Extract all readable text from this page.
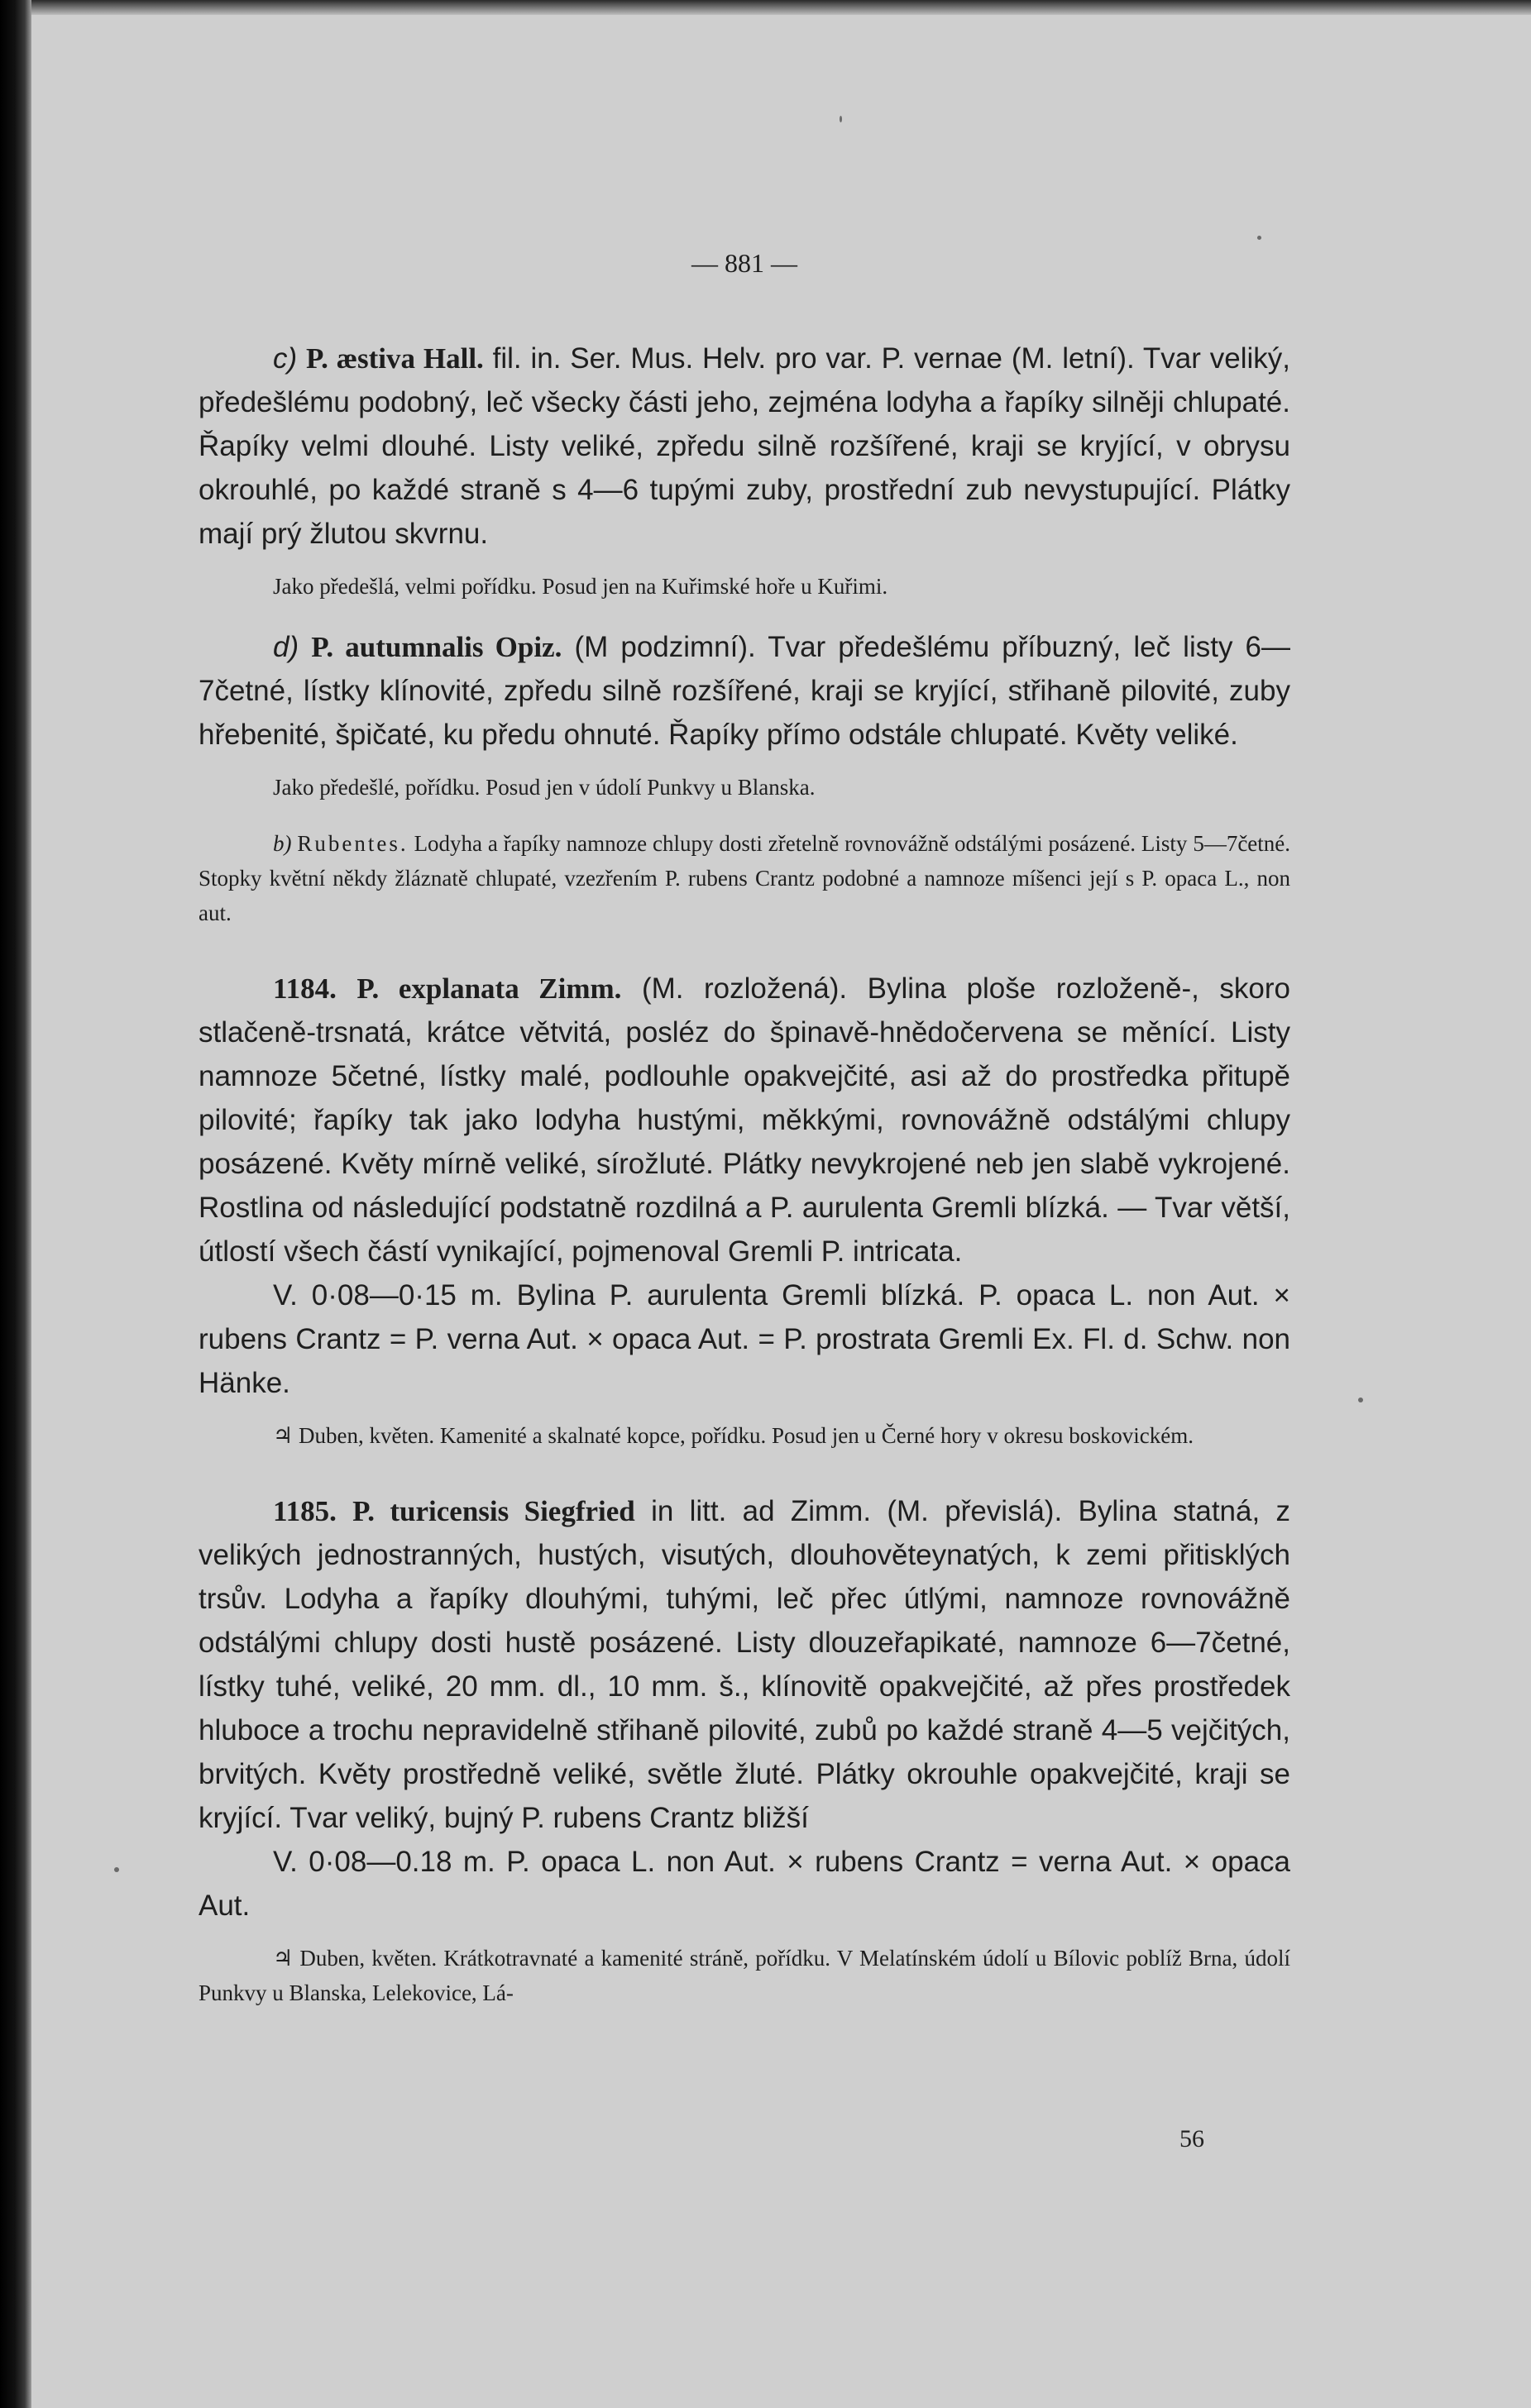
— 881 —

c) P. æstiva Hall. fil. in. Ser. Mus. Helv. pro var. P. vernae (M. letní). Tvar veliký, předešlému podobný, leč všecky části jeho, zejména lodyha a řapíky silněji chlupaté. Řapíky velmi dlouhé. Listy veliké, zpředu silně rozšířené, kraji se kryjící, v obrysu okrouhlé, po každé straně s 4—6 tupými zuby, prostřední zub nevystupující. Plátky mají prý žlutou skvrnu.

Jako předešlá, velmi pořídku. Posud jen na Kuřimské hoře u Kuřimi.

d) P. autumnalis Opiz. (M podzimní). Tvar předešlému příbuzný, leč listy 6—7četné, lístky klínovité, zpředu silně rozšířené, kraji se kryjící, střihaně pilovité, zuby hřebenité, špičaté, ku předu ohnuté. Řapíky přímo odstále chlupaté. Květy veliké.

Jako předešlé, pořídku. Posud jen v údolí Punkvy u Blanska.

b) Rubentes. Lodyha a řapíky namnoze chlupy dosti zřetelně rovnovážně odstálými posázené. Listy 5—7četné. Stopky květní někdy žláznatě chlupaté, vzezřením P. rubens Crantz podobné a namnoze míšenci její s P. opaca L., non aut.

1184. P. explanata Zimm. (M. rozložená). Bylina ploše rozloženě-, skoro stlačeně-trsnatá, krátce větvitá, posléz do špinavě-hnědočervena se měnící. Listy namnoze 5četné, lístky malé, podlouhle opakvejčité, asi až do prostředka přitupě pilovité; řapíky tak jako lodyha hustými, měkkými, rovnovážně odstálými chlupy posázené. Květy mírně veliké, sírožluté. Plátky nevykrojené neb jen slabě vykrojené. Rostlina od následující podstatně rozdilná a P. aurulenta Gremli blízká. — Tvar větší, útlostí všech částí vynikající, pojmenoval Gremli P. intricata.

V. 0·08—0·15 m. Bylina P. aurulenta Gremli blízká. P. opaca L. non Aut. × rubens Crantz = P. verna Aut. × opaca Aut. = P. prostrata Gremli Ex. Fl. d. Schw. non Hänke.

♃ Duben, květen. Kamenité a skalnaté kopce, pořídku. Posud jen u Černé hory v okresu boskovickém.

1185. P. turicensis Siegfried in litt. ad Zimm. (M. převislá). Bylina statná, z velikých jednostranných, hustých, visutých, dlouhověteynatých, k zemi přitisklých trsův. Lodyha a řapíky dlouhými, tuhými, leč přec útlými, namnoze rovnovážně odstálými chlupy dosti hustě posázené. Listy dlouzeřapikaté, namnoze 6—7četné, lístky tuhé, veliké, 20 mm. dl., 10 mm. š., klínovitě opakvejčité, až přes prostředek hluboce a trochu nepravidelně střihaně pilovité, zubů po každé straně 4—5 vejčitých, brvitých. Květy prostředně veliké, světle žluté. Plátky okrouhle opakvejčité, kraji se kryjící. Tvar veliký, bujný P. rubens Crantz bližší

V. 0·08—0.18 m. P. opaca L. non Aut. × rubens Crantz = verna Aut. × opaca Aut.

♃ Duben, květen. Krátkotravnaté a kamenité stráně, pořídku. V Melatínském údolí u Bílovic poblíž Brna, údolí Punkvy u Blanska, Lelekovice, Lá-

56
